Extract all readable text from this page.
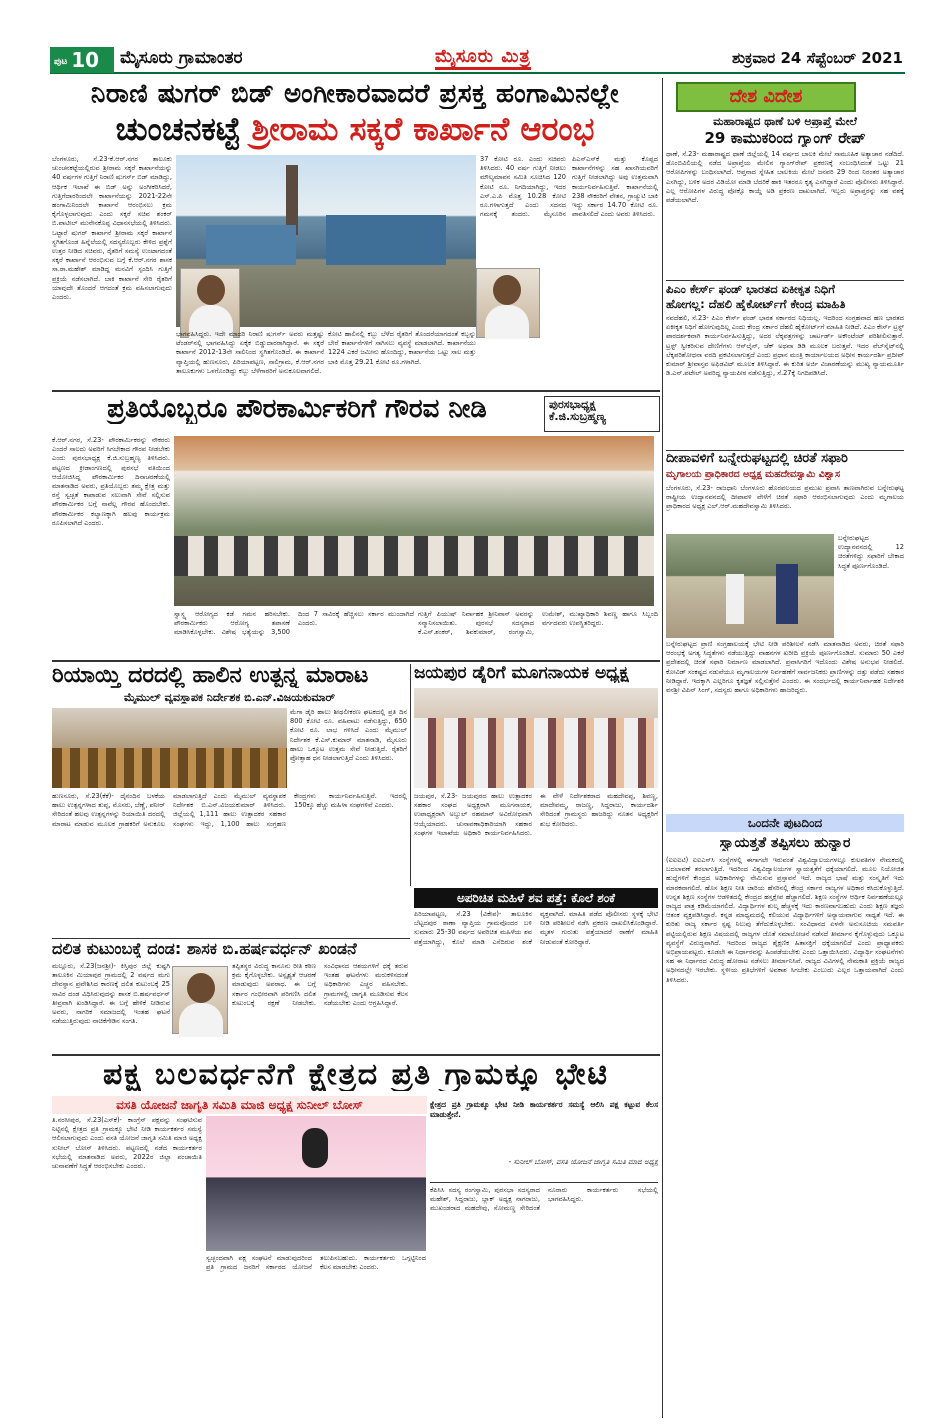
ಪುಟ 10	ಮೈಸೂರು ಗ್ರಾಮಾಂತರ	ಮೈಸೂರು ಮಿತ್ರ	ಶುಕ್ರವಾರ 24 ಸೆಪ್ಟೆಂಬರ್ 2021
ನಿರಾಣಿ ಷುಗರ್ ಬಿಡ್ ಅಂಗೀಕಾರವಾದರೆ ಪ್ರಸಕ್ತ ಹಂಗಾಮಿನಲ್ಲೇ
ಚುಂಚನಕಟ್ಟೆ ಶ್ರೀರಾಮ ಸಕ್ಕರೆ ಕಾರ್ಖಾನೆ ಆರಂಭ
ಬೆಂಗಳೂರು, ಸೆ.23-ಕೆ.ಆರ್.ನಗರ ತಾಲೂಕು ಚುಂಚನಕಟ್ಟೆಯಲ್ಲಿರುವ ಶ್ರೀರಾಮ ಸಕ್ಕರೆ ಕಾರ್ಖಾನೆಯನ್ನು 40 ವರ್ಷಗಳ ಗುತ್ತಿಗೆ ನಿರಾಣಿ ಷುಗರ್ಸ್ ಬಿಡ್ ಮಾಡಿದ್ದು, ಆರ್ಥಿಕ ಇಲಾಖೆ ಈ ಬಿಡ್ ಅನ್ನು ಅಂಗೀಕರಿಸಿದರೆ, ಗುತ್ತಿಗೆದಾರರಿಂದಲೇ ಕಾರ್ಖಾನೆಯನ್ನು 2021-22ನೇ ಹಂಗಾಮಿನಿಂದಲೇ ಕಾರ್ಖಾನೆ ಆರಂಭಿಸಲು ಕ್ರಮ ಕೈಗೊಳ್ಳಲಾಗುವುದು ಎಂದು ಸಕ್ಕರೆ ಸಚಿವ ಶಂಕರ್ ಬಿ.ಪಾಟೀಲ್ ಮುನೇನಕೊಪ್ಪ ವಿಧಾನಸಭೆಯಲ್ಲಿ ತಿಳಿಸಿದರು. ಒಟ್ಟಾರೆ ಷುಗರ್ ಕಾರ್ಖಾನೆ ಶ್ರೀರಾಮ ಸಕ್ಕರೆ ಕಾರ್ಖಾನೆ ಸ್ಥಗಿತಗೊಂಡ ಹಿನ್ನೆಲೆಯಲ್ಲಿ ಸದಸ್ಯರೊಬ್ಬರು ಕೇಳಿದ ಪ್ರಶ್ನೆಗೆ ಉತ್ತರ ನೀಡಿದ ಸಚಿವರು, ರೈತರಿಗೆ ಸಮಸ್ಯೆ ಉಂಟಾಗದಂತೆ ಸಕ್ಕರೆ ಕಾರ್ಖಾನೆ ಆರಂಭಿಸುವ ಬಗ್ಗೆ ಕೆ.ಆರ್.ನಗರ ಶಾಸಕ ಸಾ.ರಾ.ಮಹೇಶ್ ಮಾಡಿದ್ದ ಮನವಿಗೆ ಸ್ಪಂದಿಸಿ ಗುತ್ತಿಗೆ ಪ್ರಕ್ರಿಯೆ ನಡೆಸಲಾಗಿದೆ. ಬಾಕಿ ಕಾರ್ಖಾನೆ ಸೇರಿ ರೈತರಿಗೆ ಯಾವುದೇ ತೊಂದರೆ ಆಗದಂತೆ ಕ್ರಮ ವಹಿಸಲಾಗುವುದು ಎಂದರು.
ಭಾಗವಹಿಸಿದ್ದರು. ಇದೇ ಮಾದರಿ ನಿರಾಣಿ ಷುಗರ್ಸ್ ಅವರು ಮತ್ತಷ್ಟು ಟೆಂಡರ್‌ನಲ್ಲಿ ಭಾಗವಹಿಸಿದ್ದು ಏಕೈಕ ಬಿಡ್ಡುದಾರರಾಗಿದ್ದಾರೆ. ಈ ಸಕ್ಕರೆ ಕಾರ್ಖಾನೆ 2012-13ನೇ ಸಾಲಿನಿಂದ ಸ್ಥಗಿತಗೊಂಡಿದೆ. ಈ ಕಾರ್ಖಾನೆ ವ್ಯಾಪ್ತಿಯಲ್ಲಿ ಹುಣಸೂರು, ಪಿರಿಯಾಪಟ್ಟಣ, ಸಾಲಿಗ್ರಾಮ, ಕೆ.ಆರ್.ನಗರ ತಾಲೂಕುಗಳು ಒಳಗೊಂಡಿದ್ದು ಕಬ್ಬು ಬೆಳೆಗಾರರಿಗೆ ಅನುಕೂಲವಾಗಲಿದೆ.
ಕೋಟಿ ಹಾಲಿನಲ್ಲಿ ಕಬ್ಬು ಬೆಳೆದ ರೈತರಿಗೆ ತೊಂದರೆಯಾಗದಂತೆ ಕಬ್ಬನ್ನು ಬೇರೆ ಕಾರ್ಖಾನೆಗಳಿಗೆ ಸಾಗಿಸಲು ವ್ಯವಸ್ಥೆ ಮಾಡಲಾಗಿದೆ. ಕಾರ್ಖಾನೆಯು 1224 ಎಕರೆ ಜಮೀನು ಹೊಂದಿದ್ದು, ಕಾರ್ಖಾನೆಯ ಒಟ್ಟು ಸಾಲ ಮತ್ತು ಬಾಕಿ ಮೊತ್ತ 29.21 ಕೋಟಿ ರೂ.ಗಳಾಗಿದೆ.
37 ಕೋಟಿ ರೂ. ಎಂದು ಸಚಿವರು ತಿಳಿಸಿದರು. 40 ವರ್ಷ ಗುತ್ತಿಗೆ ನೀಡಲು ಮೌಲ್ಯಮಾಪನ ಸಮಿತಿ ಸೂಚಿಸಿದ 120 ಕೋಟಿ ರೂ. ನಿಗದಿಯಾಗಿದ್ದು, ಇದರ ಎಸ್.ಎ.ಪಿ ಮೊತ್ತ 10.28 ಕೋಟಿ ರೂ.ಗಳಾಗುತ್ತದೆ ಎಂದು ಸದನದ ಗಮನಕ್ಕೆ ತಂದರು. ಮೈಸೂರಿನ ಪಿಎಸ್ಎಸ್‌ಕೆ ಮತ್ತು ಕೊಪ್ಪದ ಕಾರ್ಖಾನೆಗಳನ್ನು ಸಹ ಖಾಸಗಿಯವರಿಗೆ ಗುತ್ತಿಗೆ ನೀಡಲಾಗಿದ್ದು ಅವು ಉತ್ತಮವಾಗಿ ಕಾರ್ಯನಿರ್ವಹಿಸುತ್ತಿವೆ. ಕಾರ್ಖಾನೆಯಲ್ಲಿ 238 ನೌಕರರಿಗೆ ವೇತನ, ಗ್ರಾಚ್ಯುಟಿ ಬಾಕಿ ಇದ್ದು ಸರ್ಕಾರ 14.70 ಕೋಟಿ ರೂ. ಪಾವತಿಸಲಿದೆ ಎಂದು ಅವರು ತಿಳಿಸಿದರು.
ಪ್ರತಿಯೊಬ್ಬರೂ ಪೌರಕಾರ್ಮಿಕರಿಗೆ ಗೌರವ ನೀಡಿ	ಪುರಸಭಾಧ್ಯಕ್ಷ
ಕೆ.ಜಿ.ಸುಬ್ರಹ್ಮಣ್ಯ
ಕೆ.ಆರ್.ನಗರ, ಸೆ.23- ಪೌರಕಾರ್ಮಿಕರನ್ನು ನೌಕರರು ಎಂದರೆ ಸಾಲದು ಅವರಿಗೆ ಸಿಗಬೇಕಾದ ಗೌರವ ನೀಡಬೇಕು ಎಂದು ಪುರಸಭಾಧ್ಯಕ್ಷ ಕೆ.ಜಿ.ಸುಬ್ರಹ್ಮಣ್ಯ ತಿಳಿಸಿದರು. ಪಟ್ಟಣದ ಕ್ರೀಡಾಂಗಣದಲ್ಲಿ ಪುರಸಭೆ ವತಿಯಿಂದ ಆಯೋಜಿಸಿದ್ದ ಪೌರಕಾರ್ಮಿಕರ ದಿನಾಚರಣೆಯಲ್ಲಿ ಮಾತನಾಡಿದ ಅವರು, ಪ್ರತಿಯೊಬ್ಬರು ತಮ್ಮ ಕ್ಷೇತ್ರ ಮತ್ತು ರಸ್ತೆ ಸ್ವಚ್ಛತೆ ಕಾಪಾಡುವ ಸಲುವಾಗಿ ಸೇವೆ ಸಲ್ಲಿಸುವ ಪೌರಕಾರ್ಮಿಕರ ಬಗ್ಗೆ ನಾವೆಲ್ಲ ಗೌರವ ಹೊಂದಬೇಕು. ಪೌರಕಾರ್ಮಿಕರ ಕಲ್ಯಾಣಕ್ಕಾಗಿ ಹಲವು ಕಾರ್ಯಕ್ರಮ ರೂಪಿಸಲಾಗಿದೆ ಎಂದರು.
ಸ್ವಾಸ್ಥ್ಯ ಆರೋಗ್ಯದ ಕಡೆ ಗಮನ ಹರಿಸಬೇಕು. ಪೌರಕಾರ್ಮಿಕರು ಆರೋಗ್ಯ ತಪಾಸಣೆ ಮಾಡಿಸಿಕೊಳ್ಳಬೇಕು. ವಿಶೇಷ ಭತ್ಯೆಯನ್ನು 3,500 ದಿಂದ 7 ಸಾವಿರಕ್ಕೆ ಹೆಚ್ಚಿಸಲು ಸರ್ಕಾರ ಮುಂದಾಗಿದೆ ಎಂದರು.
ಗುತ್ತಿಗೆ ಪಿಯುಷ್ ನಿರ್ವಾಹಕ ಶ್ರೀನಿವಾಸ್ ಅವರನ್ನು ಸನ್ಮಾನಿಸಲಾಯಿತು. ಪುರಸಭೆ ಸದಸ್ಯರಾದ ಕೆ.ಎಸ್.ಶಂಕರ್, ಶಿವಕುಮಾರ್, ರಂಗಸ್ವಾಮಿ, ಉಮೇಶ್, ಮುಖ್ಯಾಧಿಕಾರಿ ಶಿವಣ್ಣ ಹಾಗೂ ಸಿಬ್ಬಂದಿ ವರ್ಗದವರು ಉಪಸ್ಥಿತರಿದ್ದರು.
ರಿಯಾಯ್ತಿ ದರದಲ್ಲಿ ಹಾಲಿನ ಉತ್ಪನ್ನ ಮಾರಾಟ
ಮೈಮುಲ್ ವ್ಯವಸ್ಥಾಪಕ ನಿರ್ದೇಶಕ ಬಿ.ಎನ್.ವಿಜಯಕುಮಾರ್
ಮೆಗಾ ಡೈರಿ ಹಾಲು ಶೀಥಲೀಕರಣ ಘಟಕದಲ್ಲಿ ಪ್ರತಿ ದಿನ 800 ಕೋಟಿ ರೂ. ವಹಿವಾಟು ನಡೆಸುತ್ತಿದ್ದು, 650 ಕೋಟಿ ರೂ. ಲಾಭ ಗಳಿಸಿದೆ ಎಂದು ಮೈಮುಲ್ ನಿರ್ದೇಶಕ ಕೆ.ಎಸ್.ಕುಮಾರ್ ಮಾತನಾಡಿ, ಮೈಸೂರು ಹಾಲು ಒಕ್ಕೂಟ ಉತ್ತಮ ಸೇವೆ ನೀಡುತ್ತಿದೆ. ರೈತರಿಗೆ ಪ್ರೋತ್ಸಾಹ ಧನ ನೀಡಲಾಗುತ್ತಿದೆ ಎಂದು ತಿಳಿಸಿದರು.
ಹುಣಸೂರು, ಸೆ.23(ಕೆಕೆ)- ದೈನಂದಿನ ಬಳಕೆಯ ಹಾಲು ಉತ್ಪನ್ನಗಳಾದ ತುಪ್ಪ, ಮೊಸರು, ಬೆಣ್ಣೆ, ಪನೀರ್ ಸೇರಿದಂತೆ ಹಲವು ಉತ್ಪನ್ನಗಳನ್ನು ರಿಯಾಯಿತಿ ದರದಲ್ಲಿ ಮಾರಾಟ ಮಾಡುವ ಮೂಲಕ ಗ್ರಾಹಕರಿಗೆ ಅನುಕೂಲ ಮಾಡಲಾಗುತ್ತಿದೆ ಎಂದು ಮೈಮುಲ್ ವ್ಯವಸ್ಥಾಪಕ ನಿರ್ದೇಶಕ ಬಿ.ಎನ್.ವಿಜಯಕುಮಾರ್ ತಿಳಿಸಿದರು. ಜಿಲ್ಲೆಯಲ್ಲಿ 1,111 ಹಾಲು ಉತ್ಪಾದಕರ ಸಹಕಾರ ಸಂಘಗಳು ಇದ್ದು, 1,100 ಹಾಲು ಸಂಗ್ರಹಣ ಕೇಂದ್ರಗಳು ಕಾರ್ಯನಿರ್ವಹಿಸುತ್ತಿವೆ. ಇದರಲ್ಲಿ 150ಕ್ಕೂ ಹೆಚ್ಚು ಮಹಿಳಾ ಸಂಘಗಳಿವೆ ಎಂದರು.
ಜಯಪುರ ಡೈರಿಗೆ ಮೂಗನಾಯಕ ಅಧ್ಯಕ್ಷ
ಜಯಪುರ, ಸೆ.23- ಜಯಪುರದ ಹಾಲು ಉತ್ಪಾದಕರ ಸಹಕಾರ ಸಂಘದ ಅಧ್ಯಕ್ಷರಾಗಿ ಮೂಗನಾಯಕ, ಉಪಾಧ್ಯಕ್ಷರಾಗಿ ಅಬ್ದುಲ್ ರಹಮಾನ್ ಅವಿರೋಧವಾಗಿ ಆಯ್ಕೆಯಾದರು. ಚುನಾವಣಾಧಿಕಾರಿಯಾಗಿ ಸಹಕಾರ ಸಂಘಗಳ ಇಲಾಖೆಯ ಅಧಿಕಾರಿ ಕಾರ್ಯನಿರ್ವಹಿಸಿದರು. ಈ ವೇಳೆ ನಿರ್ದೇಶಕರಾದ ಮಹದೇವಪ್ಪ, ಶಿವಣ್ಣ, ಮಾದೇವಮ್ಮ, ರಾಜಣ್ಣ, ಸಿದ್ದರಾಜು, ಕಾರ್ಯದರ್ಶಿ ಸೇರಿದಂತೆ ಗ್ರಾಮಸ್ಥರು ಹಾಜರಿದ್ದು ನೂತನ ಅಧ್ಯಕ್ಷರಿಗೆ ಶುಭ ಕೋರಿದರು.
ಅಪರಿಚಿತ ಮಹಿಳೆ ಶವ ಪತ್ತೆ: ಕೊಲೆ ಶಂಕೆ
ಪಿರಿಯಾಪಟ್ಟಣ, ಸೆ.23 (ವಿಕೇಪ)- ತಾಲೂಕಿನ ಬೆಟ್ಟದಪುರ ಠಾಣಾ ವ್ಯಾಪ್ತಿಯ ಗ್ರಾಮವೊಂದರ ಬಳಿ ಸುಮಾರು 25-30 ವರ್ಷದ ಅಪರಿಚಿತ ಮಹಿಳೆಯ ಶವ ಪತ್ತೆಯಾಗಿದ್ದು, ಕೊಲೆ ಮಾಡಿ ಎಸೆದಿರುವ ಶಂಕೆ ವ್ಯಕ್ತವಾಗಿದೆ. ಮಾಹಿತಿ ಪಡೆದ ಪೊಲೀಸರು ಸ್ಥಳಕ್ಕೆ ಭೇಟಿ ನೀಡಿ ಪರಿಶೀಲನೆ ನಡೆಸಿ ಪ್ರಕರಣ ದಾಖಲಿಸಿಕೊಂಡಿದ್ದಾರೆ. ಮೃತಳ ಗುರುತು ಪತ್ತೆಯಾದರೆ ಠಾಣೆಗೆ ಮಾಹಿತಿ ನೀಡುವಂತೆ ಕೋರಿದ್ದಾರೆ.
ದಲಿತ ಕುಟುಂಬಕ್ಕೆ ದಂಡ: ಶಾಸಕ ಬಿ.ಹರ್ಷವರ್ಧನ್ ಖಂಡನೆ
ಮಲ್ಲೂರು, ಸೆ.23(ಜನಶ್ರೀ)- ಕಿಸ್ತಿಪುರ ಜಿಲ್ಲೆ ಕುಷ್ಟಗಿ ತಾಲೂಕಿನ ಮಿಯಾಪುರ ಗ್ರಾಮದಲ್ಲಿ 2 ವರ್ಷದ ಮಗು ದೇವಸ್ಥಾನ ಪ್ರವೇಶಿಸಿದ ಕಾರಣಕ್ಕೆ ದಲಿತ ಕುಟುಂಬಕ್ಕೆ 25 ಸಾವಿರ ದಂಡ ವಿಧಿಸಿರುವುದನ್ನು ಶಾಸಕ ಬಿ.ಹರ್ಷವರ್ಧನ್ ತೀವ್ರವಾಗಿ ಖಂಡಿಸಿದ್ದಾರೆ. ಈ ಬಗ್ಗೆ ಹೇಳಿಕೆ ನೀಡಿರುವ ಅವರು, ನಾಗರಿಕ ಸಮಾಜದಲ್ಲಿ ಇಂತಹ ಘಟನೆ ನಡೆಯುತ್ತಿರುವುದು ನಾಚಿಕೆಗೇಡಿನ ಸಂಗತಿ.
ತಪ್ಪಿತಸ್ಥರ ವಿರುದ್ಧ ಕಾನೂನು ರೀತಿ ಕಠಿಣ ಕ್ರಮ ಕೈಗೊಳ್ಳಬೇಕು. ಅಸ್ಪೃಶ್ಯತೆ ಆಚರಣೆ ಮಾಡುವುದು ಅಪರಾಧ. ಈ ಬಗ್ಗೆ ಸರ್ಕಾರ ಗಂಭೀರವಾಗಿ ಪರಿಗಣಿಸಿ ದಲಿತ ಕುಟುಂಬಕ್ಕೆ ರಕ್ಷಣೆ ನೀಡಬೇಕು. ಸಂವಿಧಾನದ ಆಶಯಗಳಿಗೆ ಧಕ್ಕೆ ತರುವ ಇಂತಹ ಘಟನೆಗಳು ಮರುಕಳಿಸದಂತೆ ಅಧಿಕಾರಿಗಳು ಎಚ್ಚರ ವಹಿಸಬೇಕು. ಗ್ರಾಮಗಳಲ್ಲಿ ಜಾಗೃತಿ ಮೂಡಿಸುವ ಕೆಲಸ ನಡೆಯಬೇಕು ಎಂದು ಆಗ್ರಹಿಸಿದ್ದಾರೆ.
ಪಕ್ಷ ಬಲವರ್ಧನೆಗೆ ಕ್ಷೇತ್ರದ ಪ್ರತಿ ಗ್ರಾಮಕ್ಕೂ ಭೇಟಿ
ವಸತಿ ಯೋಜನೆ ಜಾಗೃತಿ ಸಮಿತಿ ಮಾಜಿ ಅಧ್ಯಕ್ಷ ಸುನೀಲ್ ಬೋಸ್
ತಿ.ನರಸೀಪುರ, ಸೆ.23(ಎಸ್‌ಕೆ)- ಕಾಂಗ್ರೆಸ್ ಪಕ್ಷವನ್ನು ಸಂಘಟಿಸುವ ನಿಟ್ಟಿನಲ್ಲಿ ಕ್ಷೇತ್ರದ ಪ್ರತಿ ಗ್ರಾಮಕ್ಕೂ ಭೇಟಿ ನೀಡಿ ಕಾರ್ಯಕರ್ತರ ಸಮಸ್ಯೆ ಆಲಿಸಲಾಗುವುದು ಎಂದು ವಸತಿ ಯೋಜನೆ ಜಾಗೃತಿ ಸಮಿತಿ ಮಾಜಿ ಅಧ್ಯಕ್ಷ ಸುನೀಲ್ ಬೋಸ್ ತಿಳಿಸಿದರು. ಪಟ್ಟಣದಲ್ಲಿ ನಡೆದ ಕಾರ್ಯಕರ್ತರ ಸಭೆಯಲ್ಲಿ ಮಾತನಾಡಿದ ಅವರು, 2022ರ ಜಿಲ್ಲಾ ಪಂಚಾಯಿತಿ ಚುನಾವಣೆಗೆ ಸಿದ್ಧತೆ ಆರಂಭಿಸಬೇಕು ಎಂದರು.
ಸ್ವಚ್ಛಂದವಾಗಿ ಪಕ್ಷ ಸಂಘಟನೆ ಮಾಡುವುದರಿಂದ ಪ್ರತಿ ಗ್ರಾಮದ ಜನರಿಗೆ ಸರ್ಕಾರದ ಯೋಜನೆ ತಲುಪಿಸಬಹುದು. ಕಾರ್ಯಕರ್ತರು ಒಗ್ಗಟ್ಟಿನಿಂದ ಕೆಲಸ ಮಾಡಬೇಕು ಎಂದರು.
ಕ್ಷೇತ್ರದ ಪ್ರತಿ ಗ್ರಾಮಕ್ಕೂ ಭೇಟಿ ನೀಡಿ ಕಾರ್ಯಕರ್ತರ ಸಮಸ್ಯೆ ಆಲಿಸಿ ಪಕ್ಷ ಕಟ್ಟುವ ಕೆಲಸ ಮಾಡುತ್ತೇನೆ.
- ಸುನೀಲ್ ಬೋಸ್, ವಸತಿ ಯೋಜನೆ ಜಾಗೃತಿ ಸಮಿತಿ ಮಾಜಿ ಅಧ್ಯಕ್ಷ
ಕೆಪಿಸಿಸಿ ಸದಸ್ಯ ರಂಗಸ್ವಾಮಿ, ಪುರಸಭಾ ಸದಸ್ಯರಾದ ಮಹೇಶ್, ಸಿದ್ದರಾಜು, ಬ್ಲಾಕ್ ಅಧ್ಯಕ್ಷ ನಾಗರಾಜು, ಮುಖಂಡರಾದ ಮಹದೇವು, ಸೋಮಣ್ಣ ಸೇರಿದಂತೆ ನೂರಾರು ಕಾರ್ಯಕರ್ತರು ಸಭೆಯಲ್ಲಿ ಭಾಗವಹಿಸಿದ್ದರು.
ದೇಶ ವಿದೇಶ
ಮಹಾರಾಷ್ಟ್ರದ ಥಾಣೆ ಬಳಿ ಅಪ್ರಾಪ್ತೆ ಮೇಲೆ
29 ಕಾಮುಕರಿಂದ ಗ್ಯಾಂಗ್ ರೇಪ್
ಥಾಣೆ, ಸೆ.23- ಮಹಾರಾಷ್ಟ್ರದ ಥಾಣೆ ಜಿಲ್ಲೆಯಲ್ಲಿ 14 ವರ್ಷದ ಬಾಲಕಿ ಮೇಲೆ ಸಾಮೂಹಿಕ ಅತ್ಯಾಚಾರ ನಡೆದಿದೆ. ಡೊಂಬಿವಿಲಿಯಲ್ಲಿ ನಡೆದ ಅಪ್ರಾಪ್ತೆಯ ಮೇಲಿನ ಗ್ಯಾಂಗ್‌ರೇಪ್ ಪ್ರಕರಣಕ್ಕೆ ಸಂಬಂಧಿಸಿದಂತೆ ಒಟ್ಟು 21 ಆರೋಪಿಗಳನ್ನು ಬಂಧಿಸಲಾಗಿದೆ. ಆಪ್ತನಾದ ಸ್ನೇಹಿತ ಬಾಲಕಿಯ ಮೇಲೆ ಜನವರಿ 29 ರಿಂದ ನಿರಂತರ ಅತ್ಯಾಚಾರ ಎಸಗಿದ್ದು, ಬಳಿಕ ಅದರ ವಿಡಿಯೋ ಮಾಡಿ ಬೆದರಿಕೆ ಹಾಕಿ ಇತರರೂ ಕೃತ್ಯ ಎಸಗಿದ್ದಾರೆ ಎಂದು ಪೊಲೀಸರು ತಿಳಿಸಿದ್ದಾರೆ. ಎಲ್ಲ ಆರೋಪಿಗಳ ವಿರುದ್ಧ ಪೋಕ್ಸೊ ಕಾಯ್ದೆ ಅಡಿ ಪ್ರಕರಣ ದಾಖಲಾಗಿದೆ. ಇಬ್ಬರು ಅಪ್ರಾಪ್ತರನ್ನು ಸಹ ವಶಕ್ಕೆ ಪಡೆಯಲಾಗಿದೆ.
ಪಿಎಂ ಕೇರ್ಸ್ ಫಂಡ್ ಭಾರತದ ಏಕೀಕೃತ ನಿಧಿಗೆ
ಹೋಗಲ್ಲ: ದೆಹಲಿ ಹೈಕೋರ್ಟ್‌ಗೆ ಕೇಂದ್ರ ಮಾಹಿತಿ
ನವದೆಹಲಿ, ಸೆ.23- ಪಿಎಂ ಕೇರ್ಸ್ ಫಂಡ್ ಭಾರತ ಸರ್ಕಾರದ ನಿಧಿಯಲ್ಲ. ಇದರಿಂದ ಸಂಗ್ರಹವಾದ ಹಣ ಭಾರತದ ಏಕೀಕೃತ ನಿಧಿಗೆ ಹೋಗುವುದಿಲ್ಲ ಎಂದು ಕೇಂದ್ರ ಸರ್ಕಾರ ದೆಹಲಿ ಹೈಕೋರ್ಟ್‌ಗೆ ಮಾಹಿತಿ ನೀಡಿದೆ. ಪಿಎಂ ಕೇರ್ಸ್ ಟ್ರಸ್ಟ್ ಪಾರದರ್ಶಕವಾಗಿ ಕಾರ್ಯನಿರ್ವಹಿಸುತ್ತಿದ್ದು, ಅದರ ಲೆಕ್ಕಪತ್ರಗಳನ್ನು ಚಾರ್ಟರ್ಡ್ ಅಕೌಂಟೆಂಟ್ ಪರಿಶೀಲಿಸುತ್ತಾರೆ. ಟ್ರಸ್ಟ್ ಸ್ವೀಕರಿಸುವ ದೇಣಿಗೆಗಳು ಆನ್‌ಲೈನ್, ಚೆಕ್ ಅಥವಾ ಡಿಡಿ ಮೂಲಕ ಬರುತ್ತವೆ. ಇದರ ವೆಬ್‌ಸೈಟ್‌ನಲ್ಲಿ ಲೆಕ್ಕಪರಿಶೋಧನಾ ವರದಿ ಪ್ರಕಟಿಸಲಾಗುತ್ತದೆ ಎಂದು ಪ್ರಧಾನ ಮಂತ್ರಿ ಕಾರ್ಯಾಲಯದ ಅಧೀನ ಕಾರ್ಯದರ್ಶಿ ಪ್ರದೀಪ್ ಕುಮಾರ್ ಶ್ರೀವಾಸ್ತವ ಅಫಿಡವಿಟ್ ಮೂಲಕ ತಿಳಿಸಿದ್ದಾರೆ. ಈ ಕುರಿತ ಅರ್ಜಿ ವಿಚಾರಣೆಯನ್ನು ಮುಖ್ಯ ನ್ಯಾಯಮೂರ್ತಿ ಡಿ.ಎನ್.ಪಟೇಲ್ ಅವರಿದ್ದ ನ್ಯಾಯಪೀಠ ನಡೆಸುತ್ತಿದ್ದು, ಸೆ.27ಕ್ಕೆ ನಿಗದಿಪಡಿಸಿದೆ.
ದೀಪಾವಳಿಗೆ ಬನ್ನೇರುಘಟ್ಟದಲ್ಲಿ ಚಿರತೆ ಸಫಾರಿ
ಮೃಗಾಲಯ ಪ್ರಾಧಿಕಾರದ ಅಧ್ಯಕ್ಷ ಮಹದೇವಸ್ವಾಮಿ ವಿಶ್ವಾಸ
ಬೆಂಗಳೂರು, ಸೆ.23- ರಾಜಧಾನಿ ಬೆಂಗಳೂರು ಹೊರವಲಯದ ಪ್ರಮುಖ ಪ್ರವಾಸಿ ತಾಣವಾಗಿರುವ ಬನ್ನೇರುಘಟ್ಟ ರಾಷ್ಟ್ರೀಯ ಉದ್ಯಾನವನದಲ್ಲಿ ದೀಪಾವಳಿ ವೇಳೆಗೆ ಚಿರತೆ ಸಫಾರಿ ಆರಂಭಿಸಲಾಗುವುದು ಎಂದು ಮೃಗಾಲಯ ಪ್ರಾಧಿಕಾರದ ಅಧ್ಯಕ್ಷ ಎಲ್.ಆರ್.ಮಹದೇವಸ್ವಾಮಿ ತಿಳಿಸಿದರು.
ಬನ್ನೇರುಘಟ್ಟದ ಉದ್ಯಾನವನದಲ್ಲಿ 12 ಚಿರತೆಗಳಿದ್ದು ಸಫಾರಿಗೆ ಬೇಕಾದ ಸಿದ್ಧತೆ ಪೂರ್ಣಗೊಂಡಿದೆ.
ಬನ್ನೇರುಘಟ್ಟದ ಪ್ರಾಣಿ ಸಂಗ್ರಹಾಲಯಕ್ಕೆ ಭೇಟಿ ನೀಡಿ ಪರಿಶೀಲನೆ ನಡೆಸಿ ಮಾತನಾಡಿದ ಅವರು, ಚಿರತೆ ಸಫಾರಿ ಆರಂಭಕ್ಕೆ ಅಗತ್ಯ ಸಿದ್ಧತೆಗಳು ನಡೆಯುತ್ತಿದ್ದು ವಾಹನಗಳ ಖರೀದಿ ಪ್ರಕ್ರಿಯೆ ಪೂರ್ಣಗೊಂಡಿದೆ. ಸುಮಾರು 50 ಎಕರೆ ಪ್ರದೇಶದಲ್ಲಿ ಚಿರತೆ ಸಫಾರಿ ನಿರ್ಮಾಣ ಮಾಡಲಾಗಿದೆ. ಪ್ರವಾಸಿಗರಿಗೆ ಇದೊಂದು ವಿಶೇಷ ಅನುಭವ ನೀಡಲಿದೆ. ಕೋವಿಡ್ ಸಂಕಷ್ಟದ ನಡುವೆಯೂ ಮೃಗಾಲಯಗಳ ನಿರ್ವಹಣೆಗೆ ಸಾರ್ವಜನಿಕರು ಪ್ರಾಣಿಗಳನ್ನು ದತ್ತು ಪಡೆದು ಸಹಕಾರ ನೀಡಿದ್ದಾರೆ. ಇದಕ್ಕಾಗಿ ಎಲ್ಲರಿಗೂ ಕೃತಜ್ಞತೆ ಸಲ್ಲಿಸುತ್ತೇನೆ ಎಂದರು. ಈ ಸಂದರ್ಭದಲ್ಲಿ ಕಾರ್ಯನಿರ್ವಾಹಕ ನಿರ್ದೇಶಕಿ ವನಶ್ರೀ ವಿಪಿನ್ ಸಿಂಗ್, ಸದಸ್ಯರು ಹಾಗೂ ಅಧಿಕಾರಿಗಳು ಹಾಜರಿದ್ದರು.
ಒಂದನೇ ಪುಟದಿಂದ
ಸ್ವಾಯತ್ತತೆ ತಪ್ಪಿಸಲು ಹುನ್ನಾರ
(ಐಐಐಟಿ) ಐಐಎಸ್‌ಸಿ ಸಂಸ್ಥೆಗಳಲ್ಲಿ ಈಗಾಗಲೇ ಇರುವಂತೆ ವಿಶ್ವವಿದ್ಯಾಲಯಗಳಲ್ಲೂ ಕುಲಪತಿಗಳ ನೇಮಕದಲ್ಲಿ ಬದಲಾವಣೆ ತರಲಾಗುತ್ತಿದೆ. ಇದರಿಂದ ವಿಶ್ವವಿದ್ಯಾಲಯಗಳ ಸ್ವಾಯತ್ತತೆಗೆ ಧಕ್ಕೆಯಾಗಲಿದೆ. ಮೂಲ ನಿಯೋಜಿತ ಹುದ್ದೆಗಳಿಗೆ ಕೇಂದ್ರದ ಅಧಿಕಾರಿಗಳನ್ನು ನೇಮಿಸುವ ಪ್ರಸ್ತಾವನೆ ಇದೆ. ರಾಜ್ಯದ ಭಾಷೆ ಮತ್ತು ಸಂಸ್ಕೃತಿಗೆ ಇದು ಮಾರಕವಾಗಲಿದೆ. ಹೊಸ ಶಿಕ್ಷಣ ನೀತಿ ಜಾರಿಯ ಹೆಸರಿನಲ್ಲಿ ಕೇಂದ್ರ ಸರ್ಕಾರ ರಾಜ್ಯಗಳ ಅಧಿಕಾರ ಕಸಿದುಕೊಳ್ಳುತ್ತಿದೆ. ಉನ್ನತ ಶಿಕ್ಷಣ ಸಂಸ್ಥೆಗಳ ಆಡಳಿತದಲ್ಲಿ ಕೇಂದ್ರದ ಹಸ್ತಕ್ಷೇಪ ಹೆಚ್ಚಾಗಲಿದೆ. ಶಿಕ್ಷಣ ಸಂಸ್ಥೆಗಳ ಆರ್ಥಿಕ ನಿರ್ವಹಣೆಯಲ್ಲೂ ರಾಜ್ಯದ ಪಾತ್ರ ಕಡಿಮೆಯಾಗಲಿದೆ. ವಿದ್ಯಾರ್ಥಿಗಳ ಶುಲ್ಕ ಹೆಚ್ಚಳಕ್ಕೆ ಇದು ಕಾರಣವಾಗಬಹುದು ಎಂದು ಶಿಕ್ಷಣ ತಜ್ಞರು ಆತಂಕ ವ್ಯಕ್ತಪಡಿಸಿದ್ದಾರೆ. ಕನ್ನಡ ಮಾಧ್ಯಮದಲ್ಲಿ ಕಲಿಯುವ ವಿದ್ಯಾರ್ಥಿಗಳಿಗೆ ಅನ್ಯಾಯವಾಗುವ ಸಾಧ್ಯತೆ ಇದೆ. ಈ ಕುರಿತು ರಾಜ್ಯ ಸರ್ಕಾರ ಸ್ಪಷ್ಟ ನಿಲುವು ತೆಗೆದುಕೊಳ್ಳಬೇಕು. ಸಂವಿಧಾನದ ಏಳನೇ ಅನುಸೂಚಿಯ ಸಮವರ್ತಿ ಪಟ್ಟಿಯಲ್ಲಿರುವ ಶಿಕ್ಷಣ ವಿಷಯದಲ್ಲಿ ರಾಜ್ಯಗಳ ಜೊತೆ ಸಮಾಲೋಚನೆ ನಡೆಸದೆ ತೀರ್ಮಾನ ಕೈಗೊಳ್ಳುವುದು ಒಕ್ಕೂಟ ವ್ಯವಸ್ಥೆಗೆ ವಿರುದ್ಧವಾಗಿದೆ. ಇದರಿಂದ ರಾಜ್ಯದ ಶೈಕ್ಷಣಿಕ ಹಿತಾಸಕ್ತಿಗೆ ಧಕ್ಕೆಯಾಗಲಿದೆ ಎಂದು ಪ್ರಾಧ್ಯಾಪಕರು ಅಭಿಪ್ರಾಯಪಟ್ಟರು. ಕೂಡಲೇ ಈ ನಿರ್ಧಾರವನ್ನು ಹಿಂಪಡೆಯಬೇಕು ಎಂದು ಒತ್ತಾಯಿಸಿದರು. ವಿದ್ಯಾರ್ಥಿ ಸಂಘಟನೆಗಳು ಸಹ ಈ ನಿರ್ಧಾರದ ವಿರುದ್ಧ ಹೋರಾಟ ನಡೆಸಲು ತೀರ್ಮಾನಿಸಿವೆ. ರಾಜ್ಯದ ವಿವಿಗಳಲ್ಲಿ ನೇಮಕಾತಿ ಪ್ರಕ್ರಿಯೆ ರಾಜ್ಯದ ಅಧೀನದಲ್ಲೇ ಇರಬೇಕು. ಸ್ಥಳೀಯ ಪ್ರತಿಭೆಗಳಿಗೆ ಅವಕಾಶ ಸಿಗಬೇಕು ಎಂಬುದು ಎಲ್ಲರ ಒತ್ತಾಯವಾಗಿದೆ ಎಂದು ತಿಳಿಸಿದರು.
